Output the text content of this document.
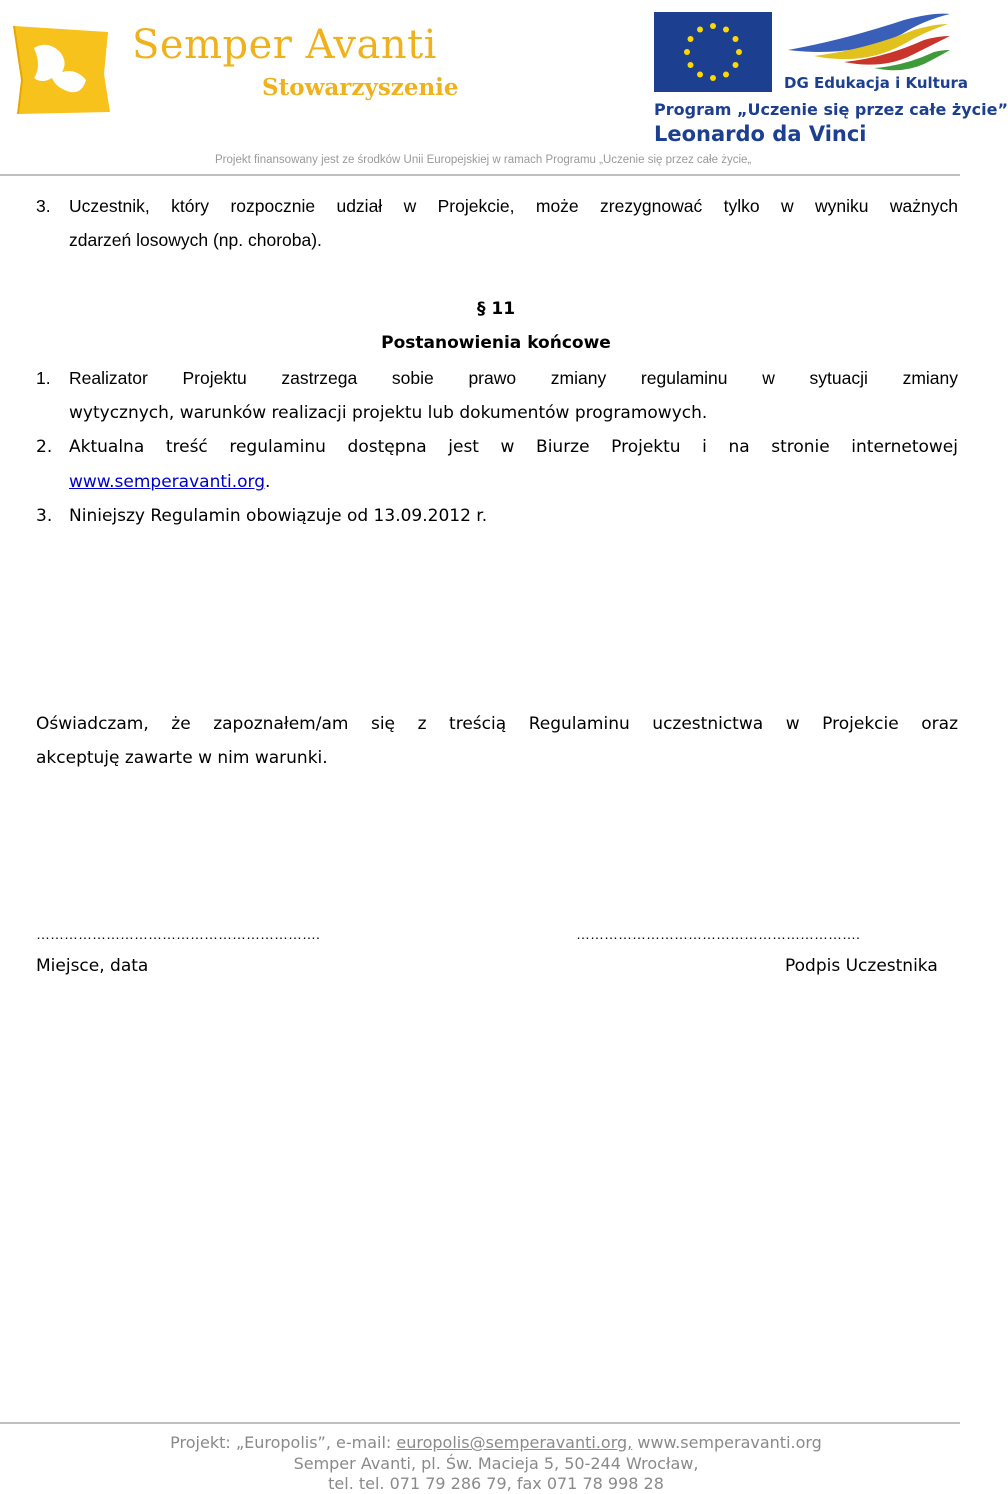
Semper Avanti
Stowarzyszenie	DG Edukacja i Kultura
Program „Uczenie się przez całe życie”
Leonardo da Vinci
Projekt finansowany jest ze środków Unii Europejskiej w ramach Programu „Uczenie się przez całe życie„
3. Uczestnik, który rozpocznie udział w Projekcie, może zrezygnować tylko w wyniku ważnych
zdarzeń losowych (np. choroba).
§ 11
Postanowienia końcowe
1. Realizator Projektu zastrzega sobie prawo zmiany regulaminu w sytuacji zmiany
wytycznych, warunków realizacji projektu lub dokumentów programowych.
2. Aktualna treść regulaminu dostępna jest w Biurze Projektu i na stronie internetowej
www.semperavanti.org.
3. Niniejszy Regulamin obowiązuje od 13.09.2012 r.
Oświadczam, że zapoznałem/am się z treścią Regulaminu uczestnictwa w Projekcie oraz
akceptuję zawarte w nim warunki.
…………………………………………………….	…………………………………………………….
Miejsce, data	Podpis Uczestnika
Projekt: „Europolis”, e-mail: europolis@semperavanti.org, www.semperavanti.org
Semper Avanti, pl. Św. Macieja 5, 50-244 Wrocław,
tel. tel. 071 79 286 79, fax 071 78 998 28
